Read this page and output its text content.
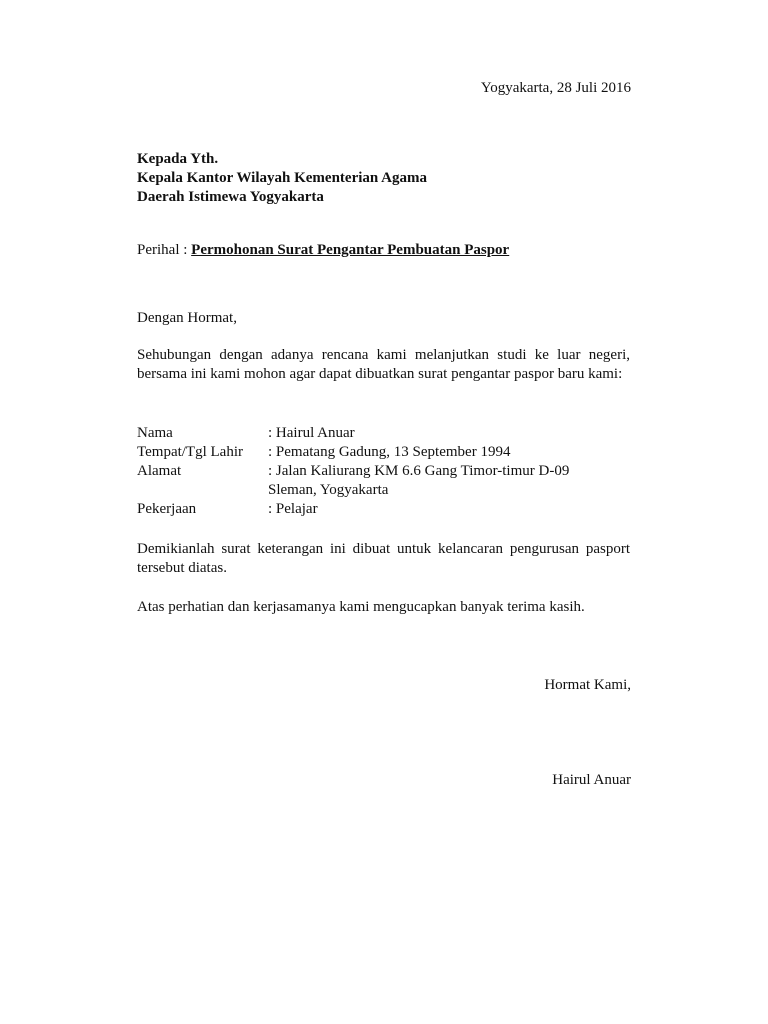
Yogyakarta, 28 Juli 2016
Kepada Yth.
Kepala Kantor Wilayah Kementerian Agama
Daerah Istimewa Yogyakarta
Perihal : Permohonan Surat Pengantar Pembuatan Paspor
Dengan Hormat,
Sehubungan dengan adanya rencana kami melanjutkan studi ke luar negeri, bersama ini kami mohon agar dapat dibuatkan surat pengantar paspor baru kami:
Nama	: Hairul Anuar
Tempat/Tgl Lahir : Pematang Gadung, 13 September 1994
Alamat	: Jalan Kaliurang KM 6.6 Gang Timor-timur D-09
Sleman, Yogyakarta
Pekerjaan	: Pelajar
Demikianlah surat keterangan ini dibuat untuk kelancaran pengurusan pasport tersebut diatas.
Atas perhatian dan kerjasamanya kami mengucapkan banyak terima kasih.
Hormat Kami,
Hairul Anuar
